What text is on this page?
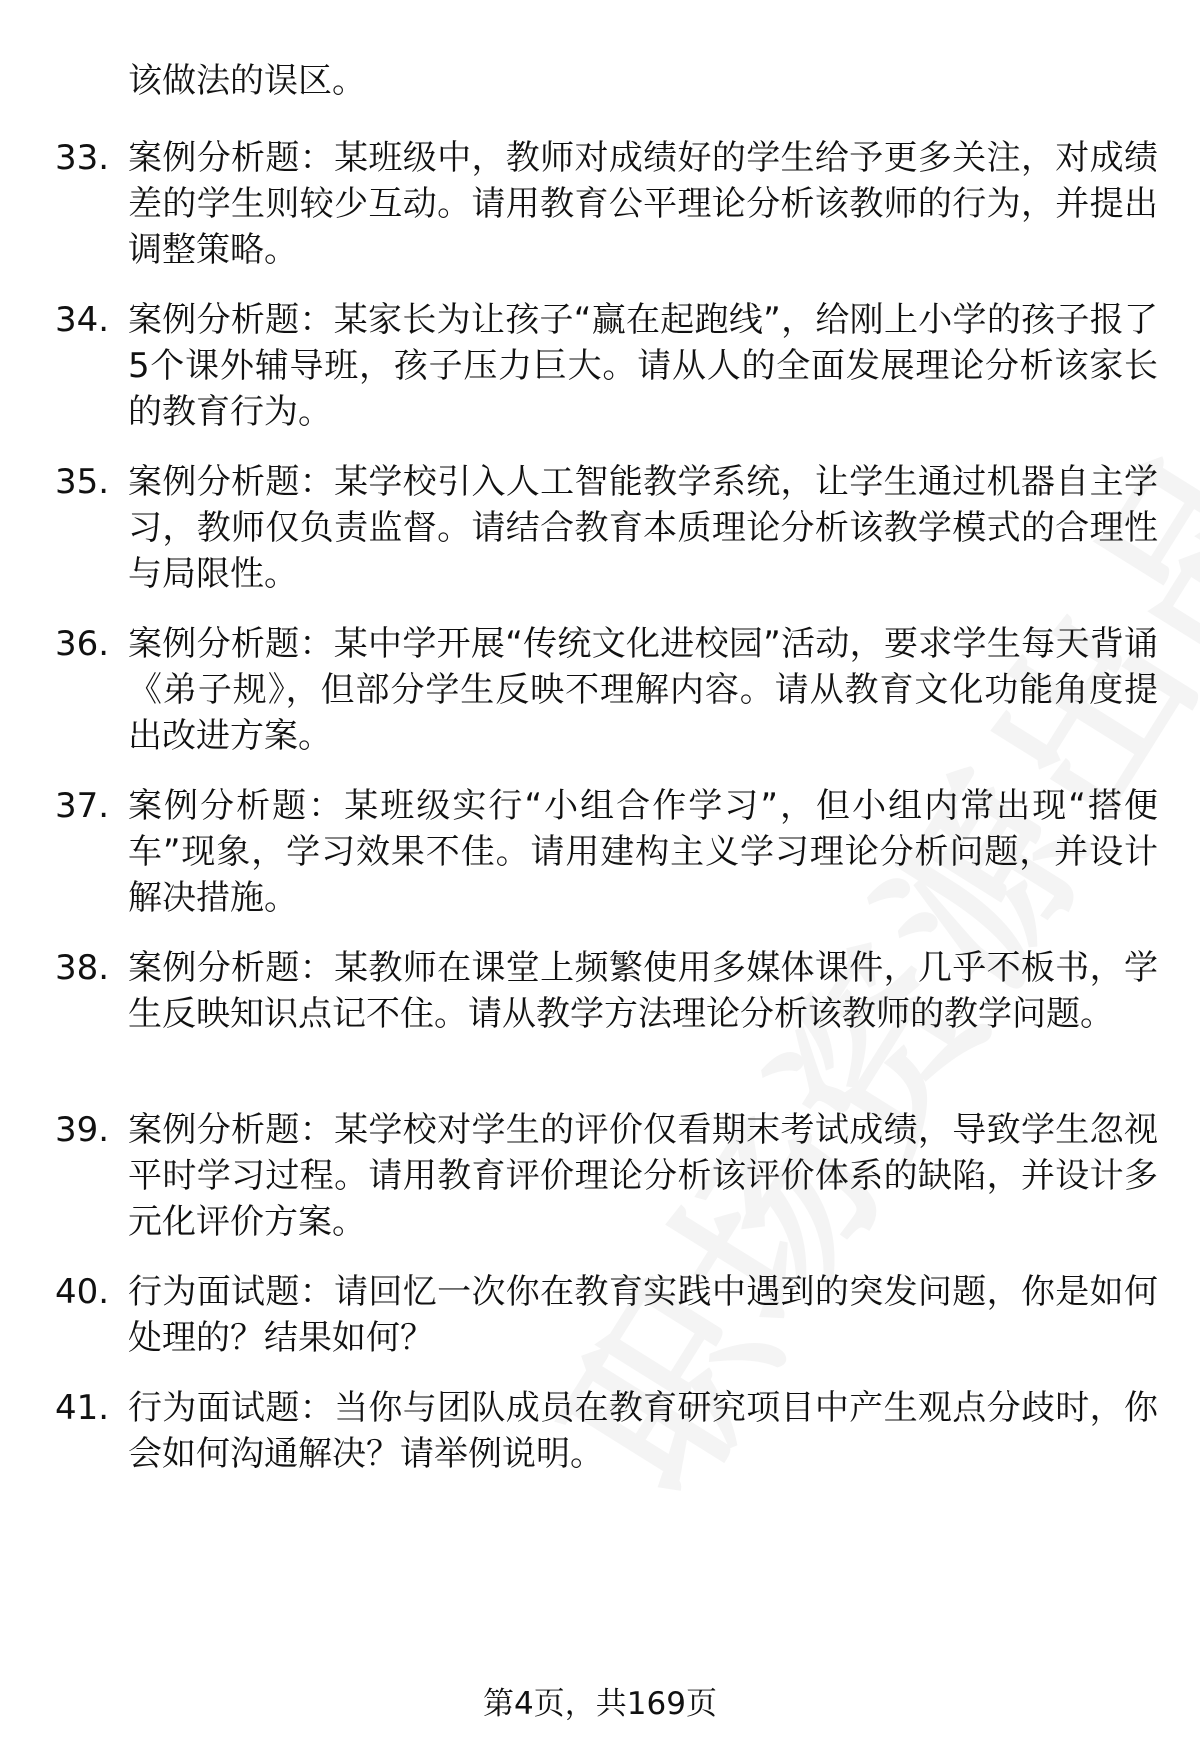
该做法的误区。
33. 案例分析题：某班级中，教师对成绩好的学生给予更多关注，对成绩差的学生则较少互动。请用教育公平理论分析该教师的行为，并提出调整策略。
34. 案例分析题：某家长为让孩子“赢在起跑线”，给刚上小学的孩子报了5个课外辅导班，孩子压力巨大。请从人的全面发展理论分析该家长的教育行为。
35. 案例分析题：某学校引入人工智能教学系统，让学生通过机器自主学习，教师仅负责监督。请结合教育本质理论分析该教学模式的合理性与局限性。
36. 案例分析题：某中学开展“传统文化进校园”活动，要求学生每天背诵《弟子规》，但部分学生反映不理解内容。请从教育文化功能角度提出改进方案。
37. 案例分析题：某班级实行“小组合作学习”，但小组内常出现“搭便车”现象，学习效果不佳。请用建构主义学习理论分析问题，并设计解决措施。
38. 案例分析题：某教师在课堂上频繁使用多媒体课件，几乎不板书，学生反映知识点记不住。请从教学方法理论分析该教师的教学问题。
39. 案例分析题：某学校对学生的评价仅看期末考试成绩，导致学生忽视平时学习过程。请用教育评价理论分析该评价体系的缺陷，并设计多元化评价方案。
40. 行为面试题：请回忆一次你在教育实践中遇到的突发问题，你是如何处理的？结果如何？
41. 行为面试题：当你与团队成员在教育研究项目中产生观点分歧时，你会如何沟通解决？请举例说明。
第4页，共169页
